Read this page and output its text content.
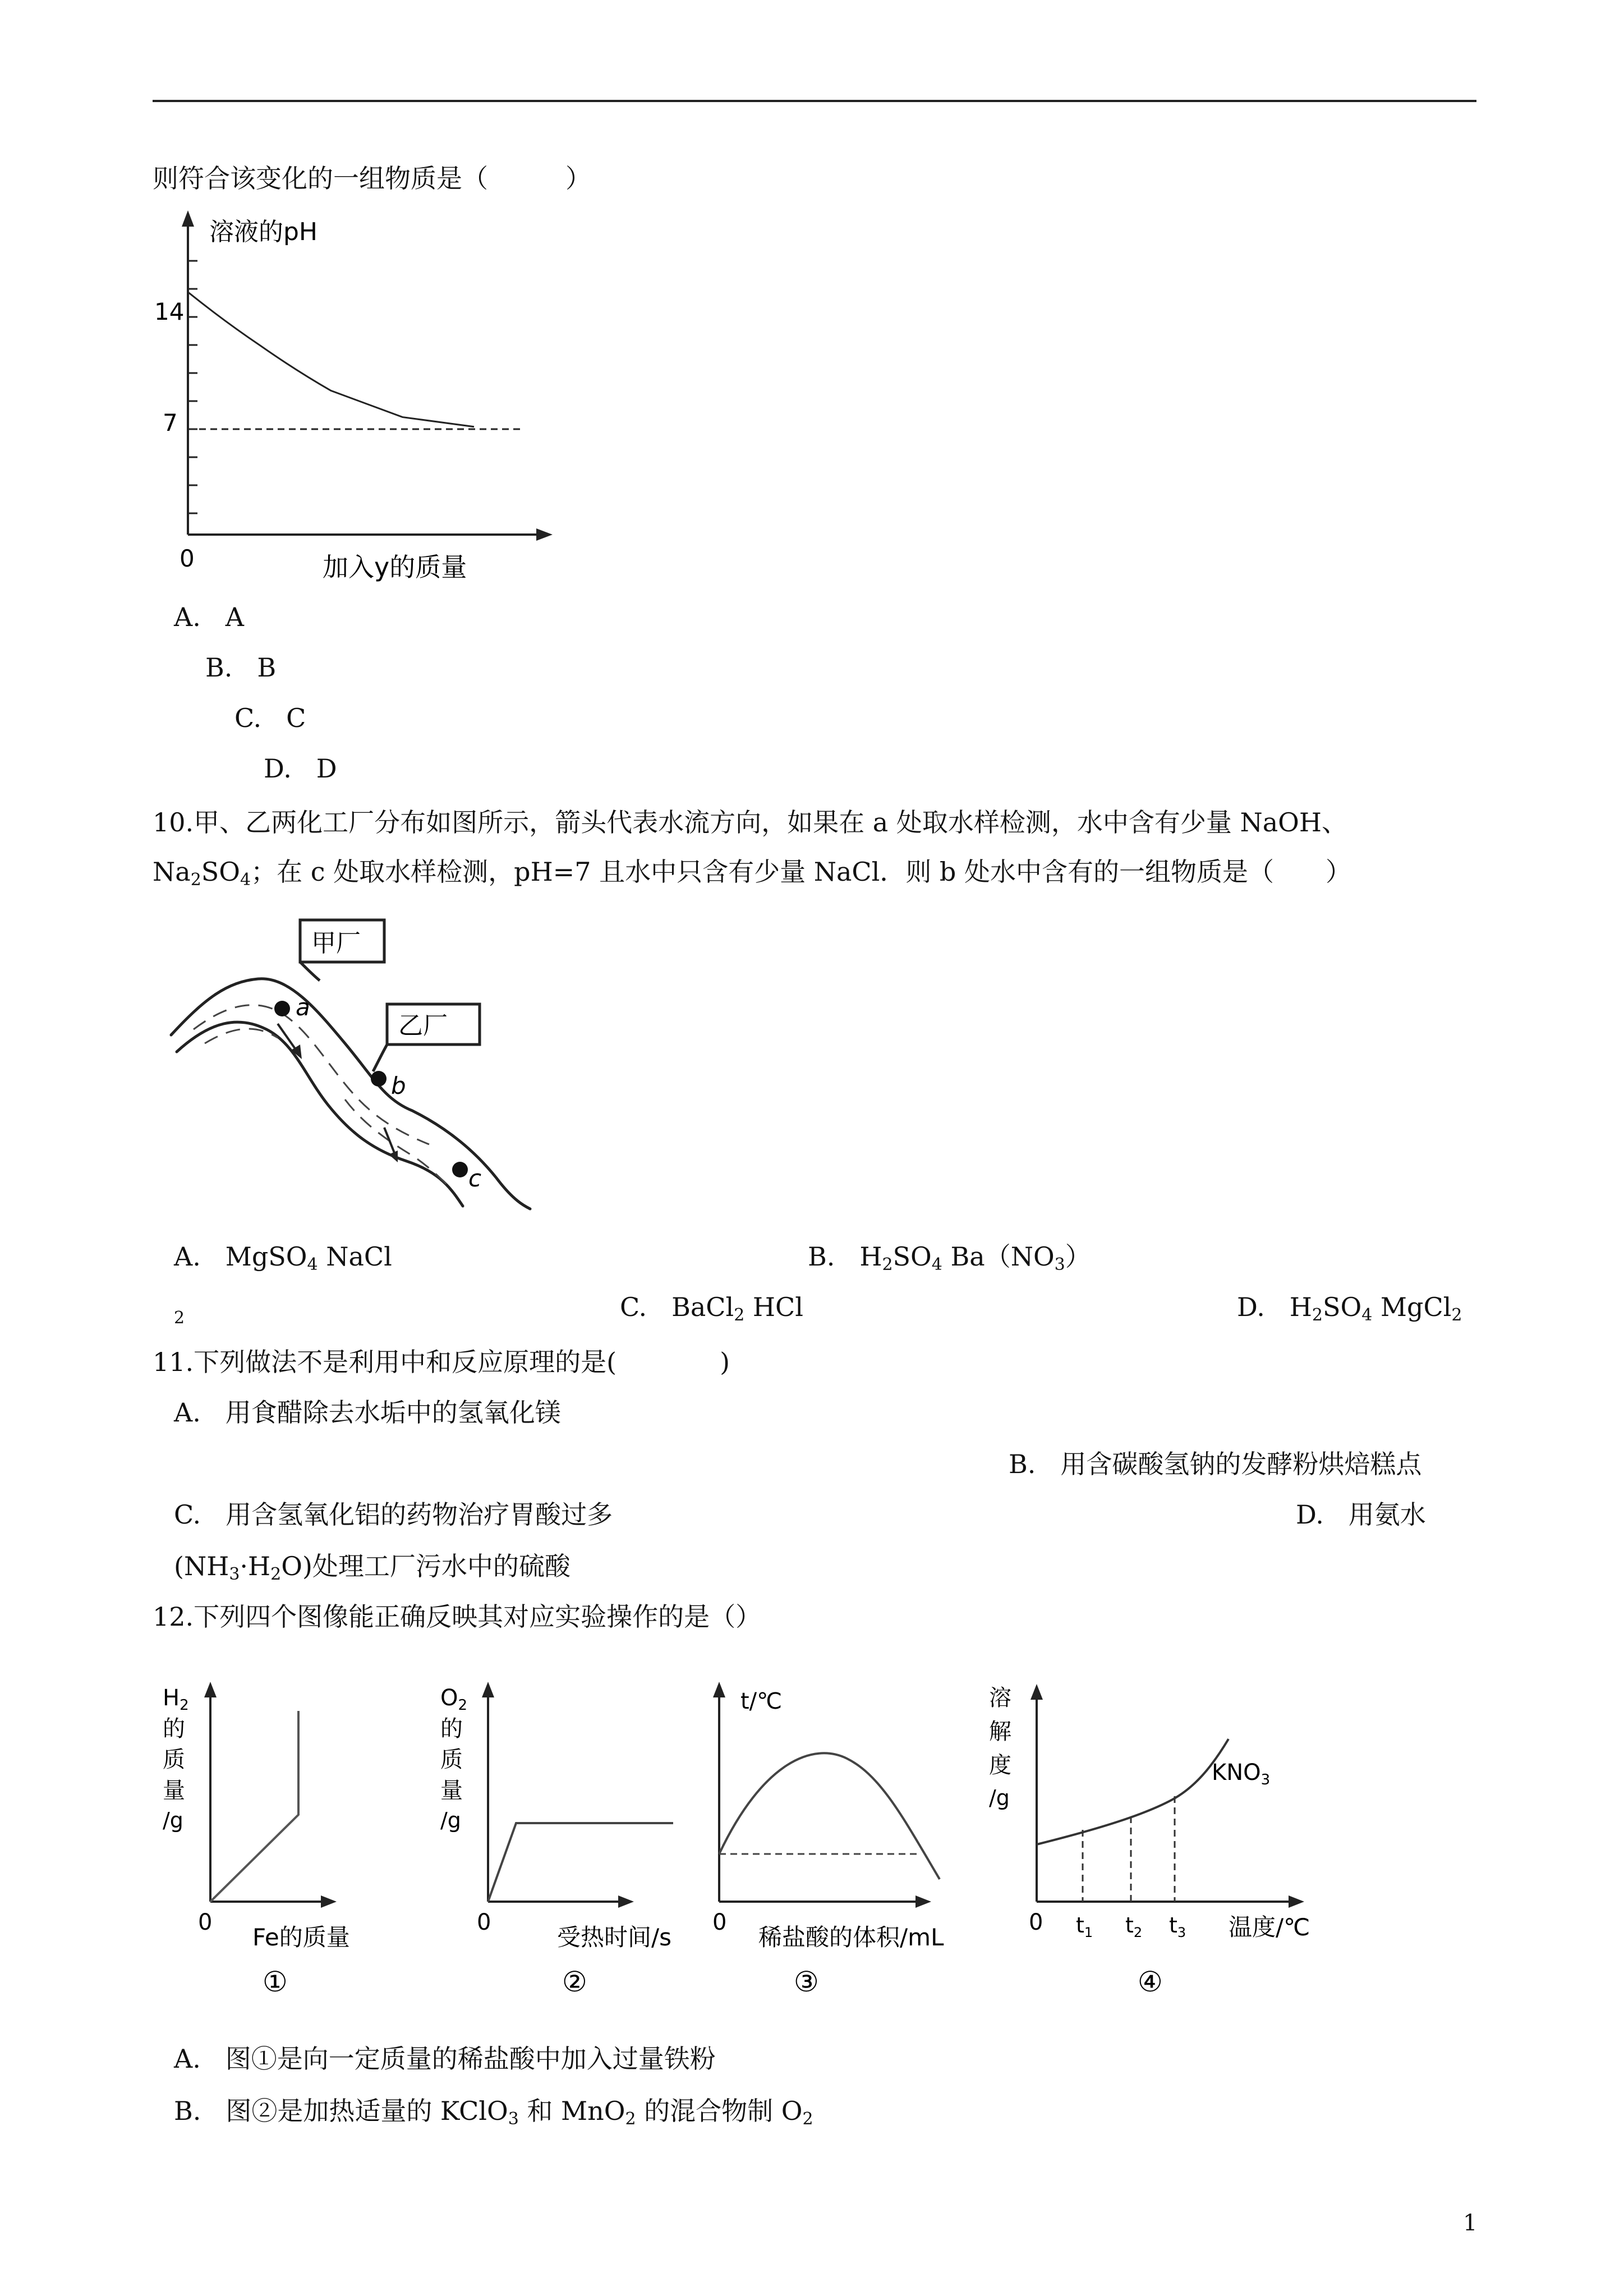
则符合该变化的一组物质是（　　　）
溶液的pH
14
7
0	加入y的质量
A. A
B. B
C. C
D. D
10.甲、乙两化工厂分布如图所示，箭头代表水流方向，如果在 a 处取水样检测，水中含有少量 NaOH、
$Na_2SO_4$；在 c 处取水样检测，pH=7 且水中只含有少量 NaCl．则 b 处水中含有的一组物质是（　　）
甲厂
乙厂
a
b
c
A. MgSO$_4$ NaCl	B. $H_2SO_4$ $Ba(NO_3)$
2	C. BaCl$_2$ HCl	D. $H_2SO_4$ MgCl$_2$
11.下列做法不是利用中和反应原理的是(　　　　)
A. 用食醋除去水垢中的氢氧化镁
B. 用含碳酸氢钠的发酵粉烘焙糕点
C. 用含氢氧化铝的药物治疗胃酸过多	D. 用氨水
$(NH_3\cdot H_2O)$处理工厂污水中的硫酸
12.下列四个图像能正确反映其对应实验操作的是（）
$H_2$
的
质
量
/g
0
Fe的质量
①
$O_2$
的
质
量
/g
0
受热时间/s
②
t/℃
0
稀盐酸的体积/mL
③
溶
解
度
/g
$KNO_3$
0 $t_1$ $t_2$ $t_3$ 温度/℃
④
A. 图①是向一定质量的稀盐酸中加入过量铁粉
B. 图②是加热适量的 KClO$_3$ 和 MnO$_2$ 的混合物制 $O_2$
1
